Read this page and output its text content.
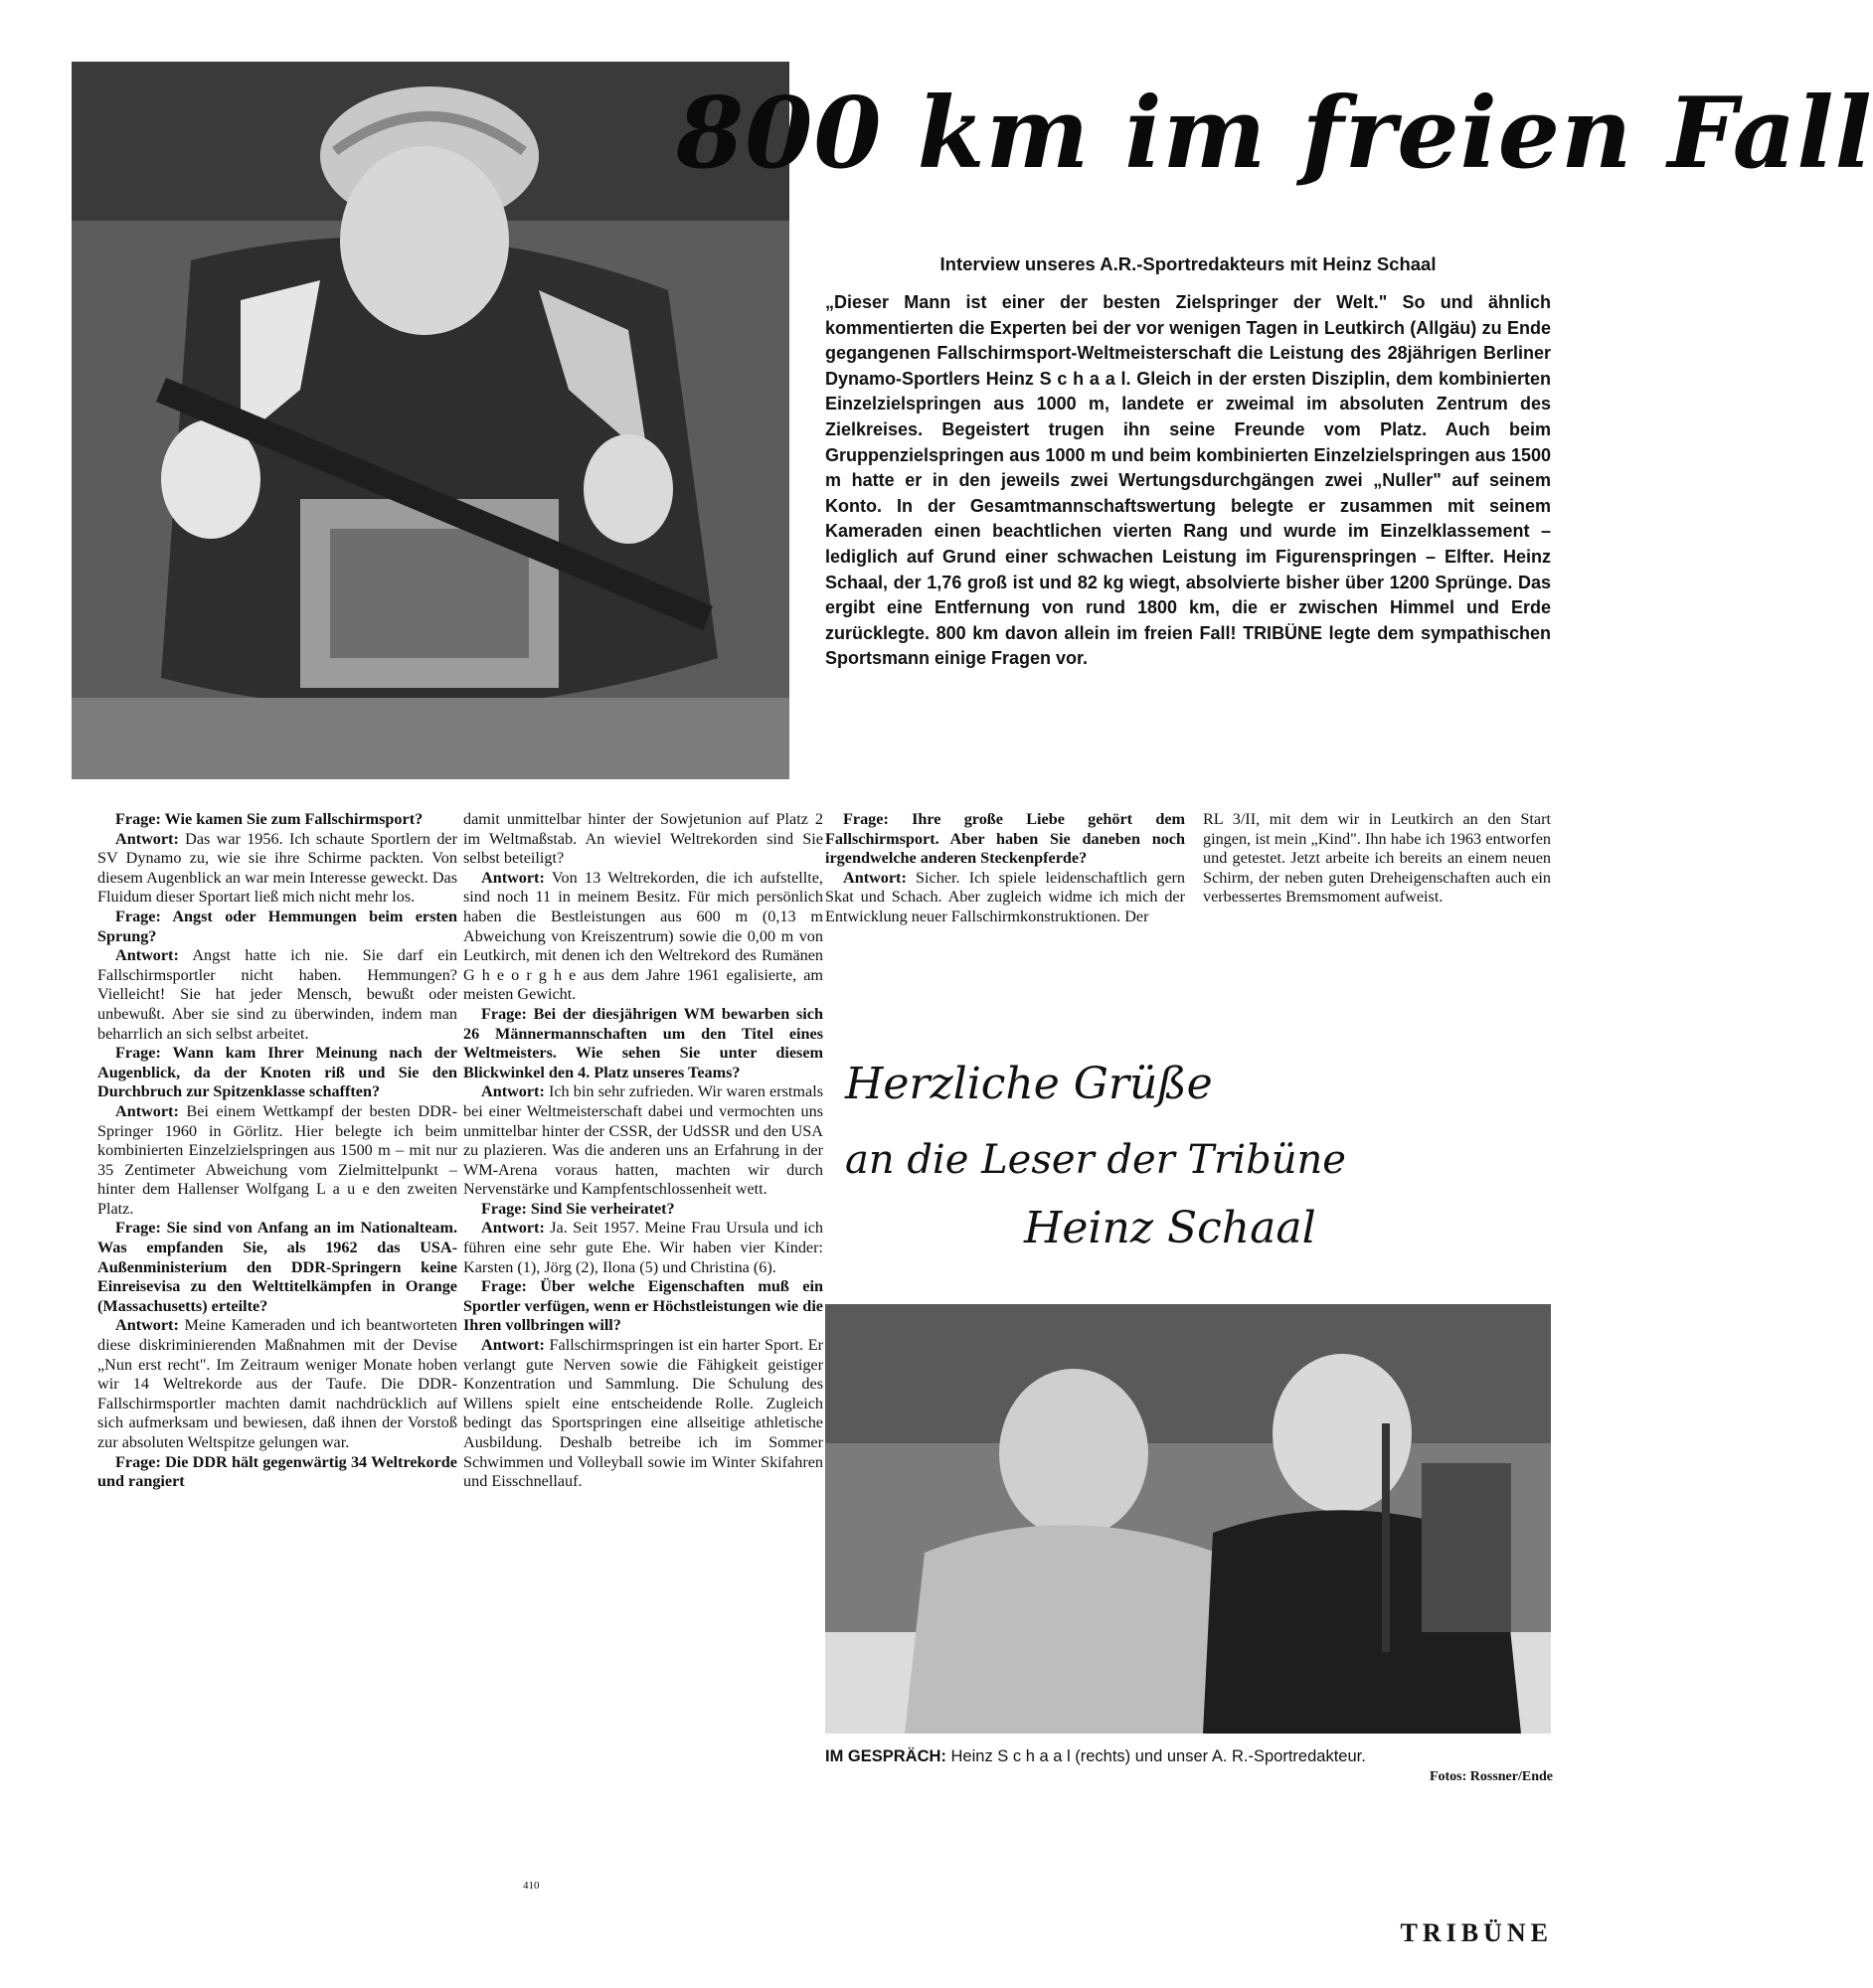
800 km im freien Fall
Interview unseres A.R.-Sportredakteurs mit Heinz Schaal
„Dieser Mann ist einer der besten Zielspringer der Welt." So und ähnlich kommentierten die Experten bei der vor wenigen Tagen in Leutkirch (Allgäu) zu Ende gegangenen Fallschirmsport-Weltmeisterschaft die Leistung des 28jährigen Berliner Dynamo-Sportlers Heinz S c h a a l. Gleich in der ersten Disziplin, dem kombinierten Einzelzielspringen aus 1000 m, landete er zweimal im absoluten Zentrum des Zielkreises. Begeistert trugen ihn seine Freunde vom Platz. Auch beim Gruppenzielspringen aus 1000 m und beim kombinierten Einzelzielspringen aus 1500 m hatte er in den jeweils zwei Wertungsdurchgängen zwei „Nuller" auf seinem Konto. In der Gesamtmannschaftswertung belegte er zusammen mit seinem Kameraden einen beachtlichen vierten Rang und wurde im Einzelklassement – lediglich auf Grund einer schwachen Leistung im Figurenspringen – Elfter. Heinz Schaal, der 1,76 groß ist und 82 kg wiegt, absolvierte bisher über 1200 Sprünge. Das ergibt eine Entfernung von rund 1800 km, die er zwischen Himmel und Erde zurücklegte. 800 km davon allein im freien Fall! TRIBÜNE legte dem sympathischen Sportsmann einige Fragen vor.

Frage: Wie kamen Sie zum Fallschirmsport?

Antwort: Das war 1956. Ich schaute Sportlern der SV Dynamo zu, wie sie ihre Schirme packten. Von diesem Augenblick an war mein Interesse geweckt. Das Fluidum dieser Sportart ließ mich nicht mehr los.

Frage: Angst oder Hemmungen beim ersten Sprung?

Antwort: Angst hatte ich nie. Sie darf ein Fallschirmsportler nicht haben. Hemmungen? Vielleicht! Sie hat jeder Mensch, bewußt oder unbewußt. Aber sie sind zu überwinden, indem man beharrlich an sich selbst arbeitet.

Frage: Wann kam Ihrer Meinung nach der Augenblick, da der Knoten riß und Sie den Durchbruch zur Spitzenklasse schafften?

Antwort: Bei einem Wettkampf der besten DDR-Springer 1960 in Görlitz. Hier belegte ich beim kombinierten Einzelzielspringen aus 1500 m – mit nur 35 Zentimeter Abweichung vom Zielmittelpunkt – hinter dem Hallenser Wolfgang L a u e den zweiten Platz.

Frage: Sie sind von Anfang an im Nationalteam. Was empfanden Sie, als 1962 das USA-Außenministerium den DDR-Springern keine Einreisevisa zu den Welttitelkämpfen in Orange (Massachusetts) erteilte?

Antwort: Meine Kameraden und ich beantworteten diese diskriminierenden Maßnahmen mit der Devise „Nun erst recht". Im Zeitraum weniger Monate hoben wir 14 Weltrekorde aus der Taufe. Die DDR-Fallschirmsportler machten damit nachdrücklich auf sich aufmerksam und bewiesen, daß ihnen der Vorstoß zur absoluten Weltspitze gelungen war.

Frage: Die DDR hält gegenwärtig 34 Weltrekorde und rangiert

410

damit unmittelbar hinter der Sowjetunion auf Platz 2 im Weltmaßstab. An wieviel Weltrekorden sind Sie selbst beteiligt?

Antwort: Von 13 Weltrekorden, die ich aufstellte, sind noch 11 in meinem Besitz. Für mich persönlich haben die Bestleistungen aus 600 m (0,13 m Abweichung von Kreiszentrum) sowie die 0,00 m von Leutkirch, mit denen ich den Weltrekord des Rumänen G h e o r g h e aus dem Jahre 1961 egalisierte, am meisten Gewicht.

Frage: Bei der diesjährigen WM bewarben sich 26 Männermannschaften um den Titel eines Weltmeisters. Wie sehen Sie unter diesem Blickwinkel den 4. Platz unseres Teams?

Antwort: Ich bin sehr zufrieden. Wir waren erstmals bei einer Weltmeisterschaft dabei und vermochten uns unmittelbar hinter der CSSR, der UdSSR und den USA zu plazieren. Was die anderen uns an Erfahrung in der WM-Arena voraus hatten, machten wir durch Nervenstärke und Kampfentschlossenheit wett.

Frage: Sind Sie verheiratet?

Antwort: Ja. Seit 1957. Meine Frau Ursula und ich führen eine sehr gute Ehe. Wir haben vier Kinder: Karsten (1), Jörg (2), Ilona (5) und Christina (6).

Frage: Über welche Eigenschaften muß ein Sportler verfügen, wenn er Höchstleistungen wie die Ihren vollbringen will?

Antwort: Fallschirmspringen ist ein harter Sport. Er verlangt gute Nerven sowie die Fähigkeit geistiger Konzentration und Sammlung. Die Schulung des Willens spielt eine entscheidende Rolle. Zugleich bedingt das Sportspringen eine allseitige athletische Ausbildung. Deshalb betreibe ich im Sommer Schwimmen und Volleyball sowie im Winter Skifahren und Eisschnellauf.

Frage: Ihre große Liebe gehört dem Fallschirmsport. Aber haben Sie daneben noch irgendwelche anderen Steckenpferde?

Antwort: Sicher. Ich spiele leidenschaftlich gern Skat und Schach. Aber zugleich widme ich mich der Entwicklung neuer Fallschirmkonstruktionen. Der

RL 3/II, mit dem wir in Leutkirch an den Start gingen, ist mein „Kind". Ihn habe ich 1963 entworfen und getestet. Jetzt arbeite ich bereits an einem neuen Schirm, der neben guten Dreheigenschaften auch ein verbessertes Bremsmoment aufweist.

Herzliche Grüße
an die Leser der Tribüne
Heinz Schaal
IM GESPRÄCH: Heinz S c h a a l (rechts) und unser A. R.-Sportredakteur.
Fotos: Rossner/Ende
TRIBÜNE
